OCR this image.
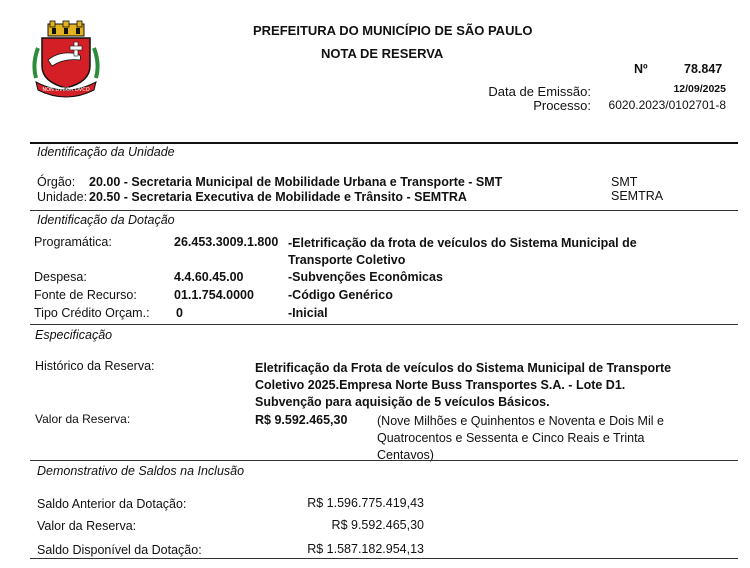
NON DVCOR DVCO
PREFEITURA DO MUNICÍPIO DE SÃO PAULO
NOTA DE RESERVA
Nº	78.847
Data de Emissão:	12/09/2025
Processo: 6020.2023/0102701-8
Identificação da Unidade
Órgão: 20.00 - Secretaria Municipal de Mobilidade Urbana e Transporte - SMT	SMT
Unidade: 20.50 - Secretaria Executiva de Mobilidade e Trânsito - SEMTRA	SEMTRA
Identificação da Dotação
Programática:	26.453.3009.1.800 -Eletrificação da frota de veículos do Sistema Municipal de Transporte Coletivo
Despesa:	4.4.60.45.00	-Subvenções Econômicas
Fonte de Recurso:	01.1.754.0000	-Código Genérico
Tipo Crédito Orçam.: 0	-Inicial
Especificação
Histórico da Reserva:	Eletrificação da Frota de veículos do Sistema Municipal de Transporte Coletivo 2025.Empresa Norte Buss Transportes S.A. - Lote D1. Subvenção para aquisição de 5 veículos Básicos.
Valor da Reserva:	R$ 9.592.465,30 (Nove Milhões e Quinhentos e Noventa e Dois Mil e Quatrocentos e Sessenta e Cinco Reais e Trinta Centavos)
Demonstrativo de Saldos na Inclusão
Saldo Anterior da Dotação:	R$ 1.596.775.419,43
Valor da Reserva:	R$ 9.592.465,30
Saldo Disponível da Dotação:	R$ 1.587.182.954,13
